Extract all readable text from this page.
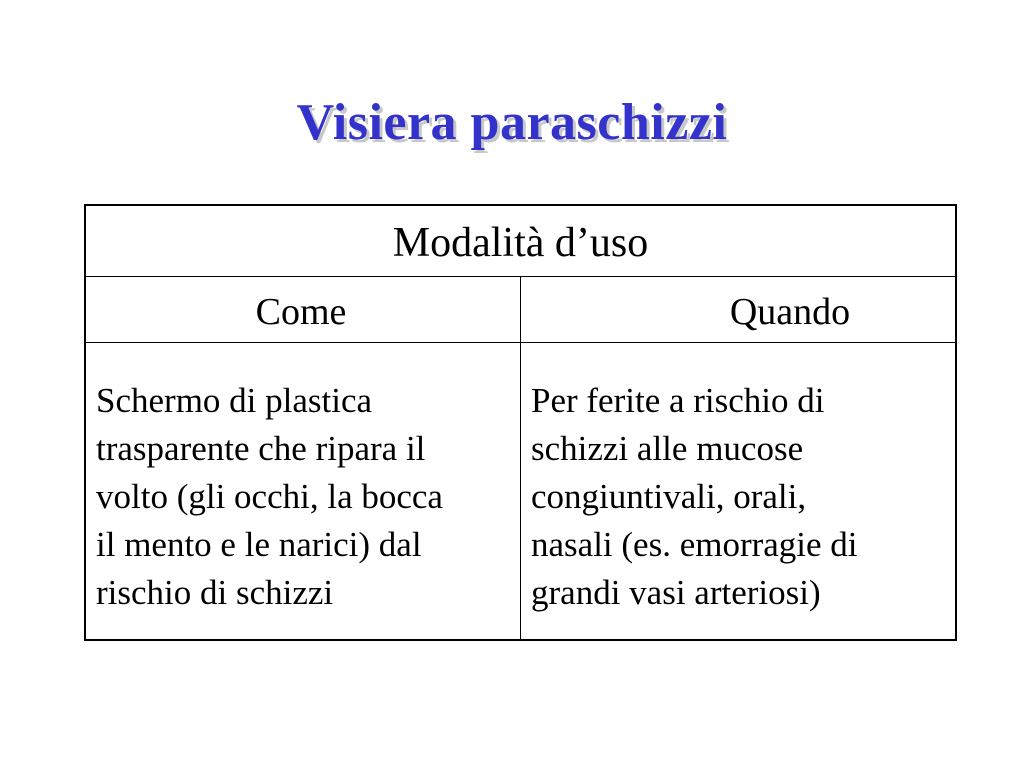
Visiera paraschizzi
Modalità d’uso
Come	Quando
Schermo di plastica
trasparente che ripara il
volto (gli occhi, la bocca
il mento e le narici) dal
rischio di schizzi
Per ferite a rischio di
schizzi alle mucose
congiuntivali, orali,
nasali (es. emorragie di
grandi vasi arteriosi)
